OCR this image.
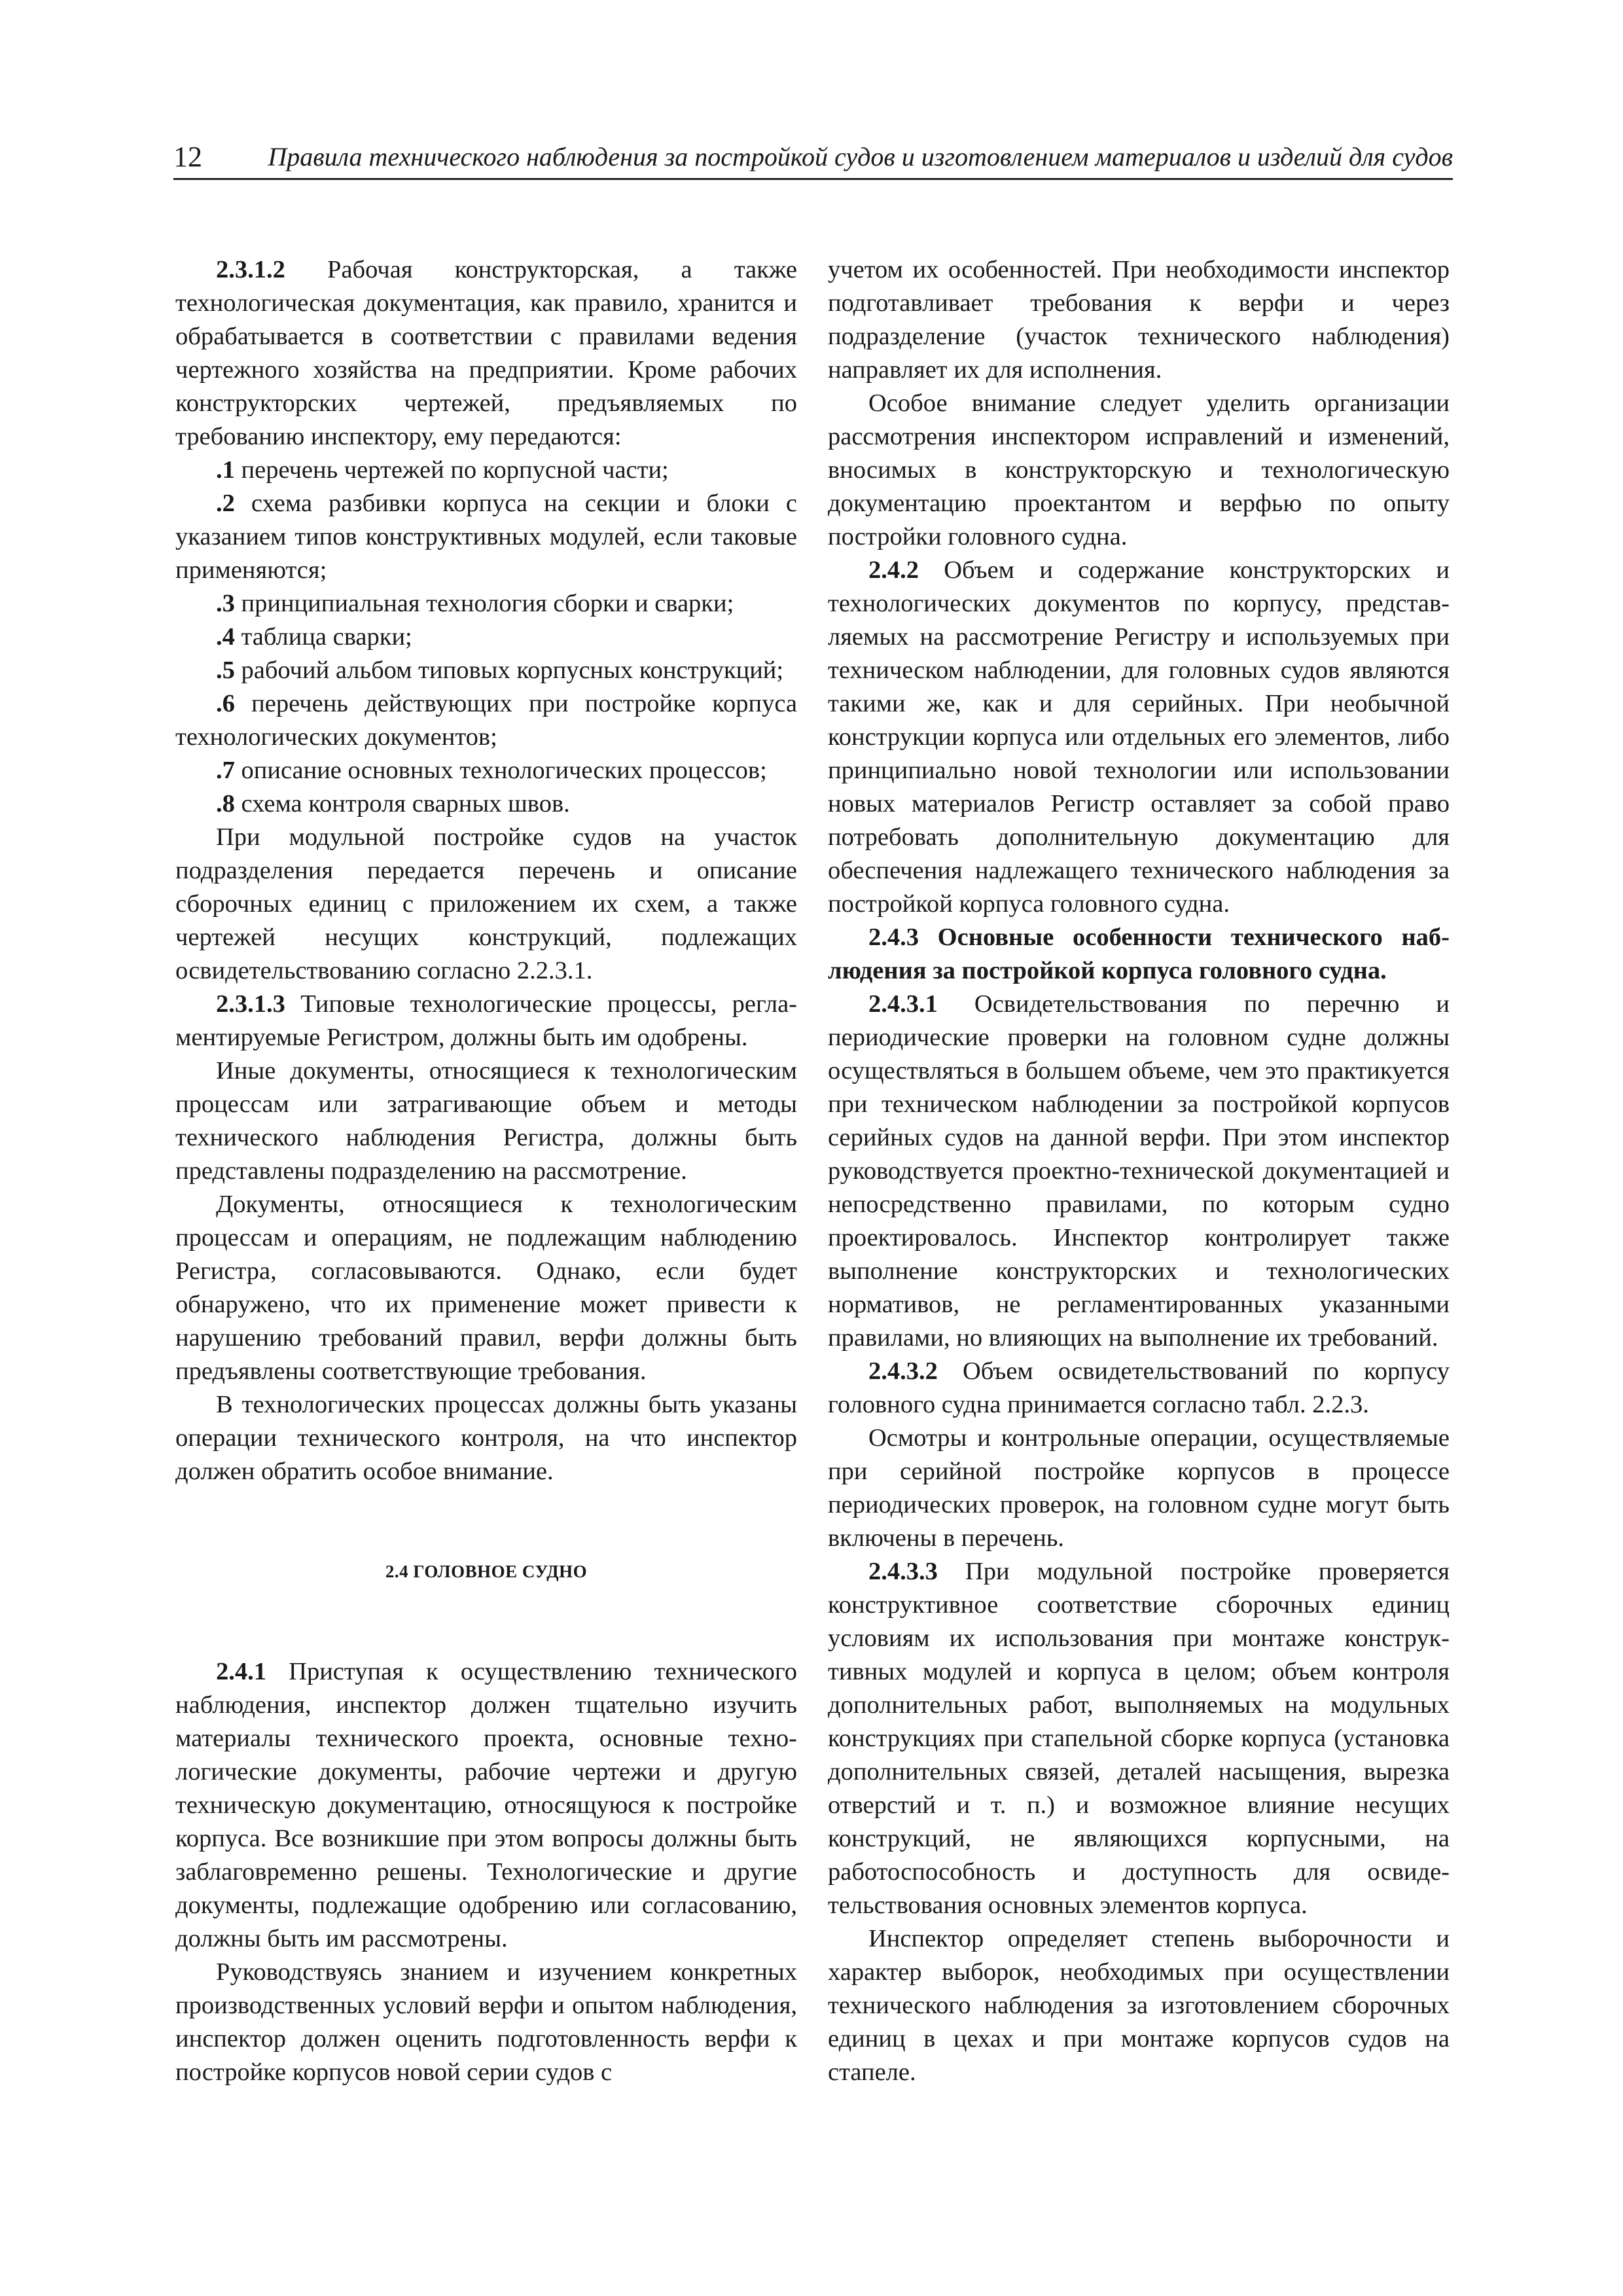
12	Правила технического наблюдения за постройкой судов и изготовлением материалов и изделий для судов

2.3.1.2 Рабочая конструкторская, а также технологическая документация, как правило, хранится и обрабатывается в соответствии с правилами ведения чертежного хозяйства на предприятии. Кроме рабочих конструкторских чертежей, предъявляемых по требованию инспектору, ему передаются:

.1 перечень чертежей по корпусной части;

.2 схема разбивки корпуса на секции и блоки с указанием типов конструктивных модулей, если таковые применяются;

.3 принципиальная технология сборки и сварки;

.4 таблица сварки;

.5 рабочий альбом типовых корпусных конструкций;

.6 перечень действующих при постройке корпуса технологических документов;

.7 описание основных технологических процессов;

.8 схема контроля сварных швов.

При модульной постройке судов на участок подразделения передается перечень и описание сборочных единиц с приложением их схем, а также чертежей несущих конструкций, подлежащих освидетельствованию согласно 2.2.3.1.

2.3.1.3 Типовые технологические процессы, регламентируемые Регистром, должны быть им одобрены.

Иные документы, относящиеся к технологическим процессам или затрагивающие объем и методы технического наблюдения Регистра, должны быть представлены подразделению на рассмотрение.

Документы, относящиеся к технологическим процессам и операциям, не подлежащим наблюдению Регистра, согласовываются. Однако, если будет обнаружено, что их применение может привести к нарушению требований правил, верфи должны быть предъявлены соответствующие требования.

В технологических процессах должны быть указаны операции технического контроля, на что инспектор должен обратить особое внимание.

2.4 ГОЛОВНОЕ СУДНО

2.4.1 Приступая к осуществлению технического наблюдения, инспектор должен тщательно изучить материалы технического проекта, основные технологические документы, рабочие чертежи и другую техническую документацию, относящуюся к постройке корпуса. Все возникшие при этом вопросы должны быть заблаговременно решены. Технологические и другие документы, подлежащие одобрению или согласованию, должны быть им рассмотрены.

Руководствуясь знанием и изучением конкретных производственных условий верфи и опытом наблюдения, инспектор должен оценить подготовленность верфи к постройке корпусов новой серии судов с

учетом их особенностей. При необходимости инспектор подготавливает требования к верфи и через подразделение (участок технического наблюдения) направляет их для исполнения.

Особое внимание следует уделить организации рассмотрения инспектором исправлений и изменений, вносимых в конструкторскую и технологическую документацию проектантом и верфью по опыту постройки головного судна.

2.4.2 Объем и содержание конструкторских и технологических документов по корпусу, представляемых на рассмотрение Регистру и используемых при техническом наблюдении, для головных судов являются такими же, как и для серийных. При необычной конструкции корпуса или отдельных его элементов, либо принципиально новой технологии или использовании новых материалов Регистр оставляет за собой право потребовать дополнительную документацию для обеспечения надлежащего технического наблюдения за постройкой корпуса головного судна.

2.4.3 Основные особенности технического наблюдения за постройкой корпуса головного судна.

2.4.3.1 Освидетельствования по перечню и периодические проверки на головном судне должны осуществляться в большем объеме, чем это практикуется при техническом наблюдении за постройкой корпусов серийных судов на данной верфи. При этом инспектор руководствуется проектно-технической документацией и непосредственно правилами, по которым судно проектировалось. Инспектор контролирует также выполнение конструкторских и технологических нормативов, не регламентированных указанными правилами, но влияющих на выполнение их требований.

2.4.3.2 Объем освидетельствований по корпусу головного судна принимается согласно табл. 2.2.3.

Осмотры и контрольные операции, осуществляемые при серийной постройке корпусов в процессе периодических проверок, на головном судне могут быть включены в перечень.

2.4.3.3 При модульной постройке проверяется конструктивное соответствие сборочных единиц условиям их использования при монтаже конструктивных модулей и корпуса в целом; объем контроля дополнительных работ, выполняемых на модульных конструкциях при стапельной сборке корпуса (установка дополнительных связей, деталей насыщения, вырезка отверстий и т. п.) и возможное влияние несущих конструкций, не являющихся корпусными, на работоспособность и доступность для освидетельствования основных элементов корпуса.

Инспектор определяет степень выборочности и характер выборок, необходимых при осуществлении технического наблюдения за изготовлением сборочных единиц в цехах и при монтаже корпусов судов на стапеле.
